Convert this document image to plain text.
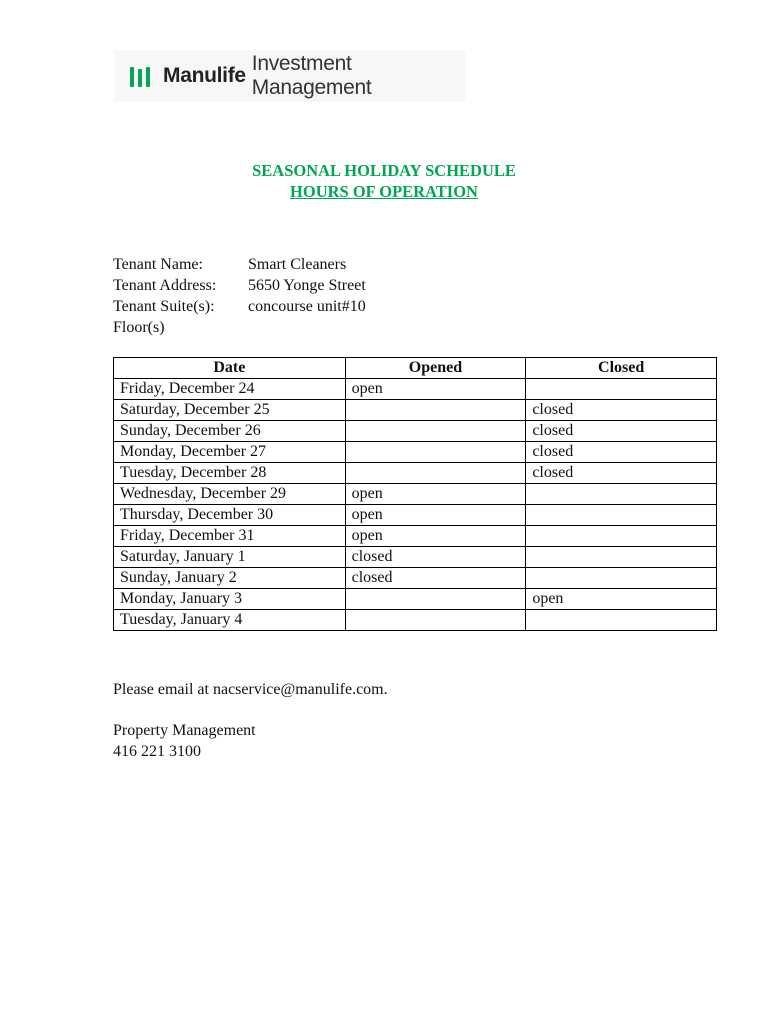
Manulife
Investment Management
SEASONAL HOLIDAY SCHEDULE
HOURS OF OPERATION
Tenant Name:	Smart Cleaners
Tenant Address:	5650 Yonge Street
Tenant Suite(s):	concourse unit#10
Floor(s)
Date	Opened	Closed
Friday, December 24	open	
Saturday, December 25		closed
Sunday, December 26		closed
Monday, December 27		closed
Tuesday, December 28		closed
Wednesday, December 29	open	
Thursday, December 30	open	
Friday, December 31	open	
Saturday, January 1	closed	
Sunday, January 2	closed	
Monday, January 3		open
Tuesday, January 4		
Please email at nacservice@manulife.com.
Property Management
416 221 3100
